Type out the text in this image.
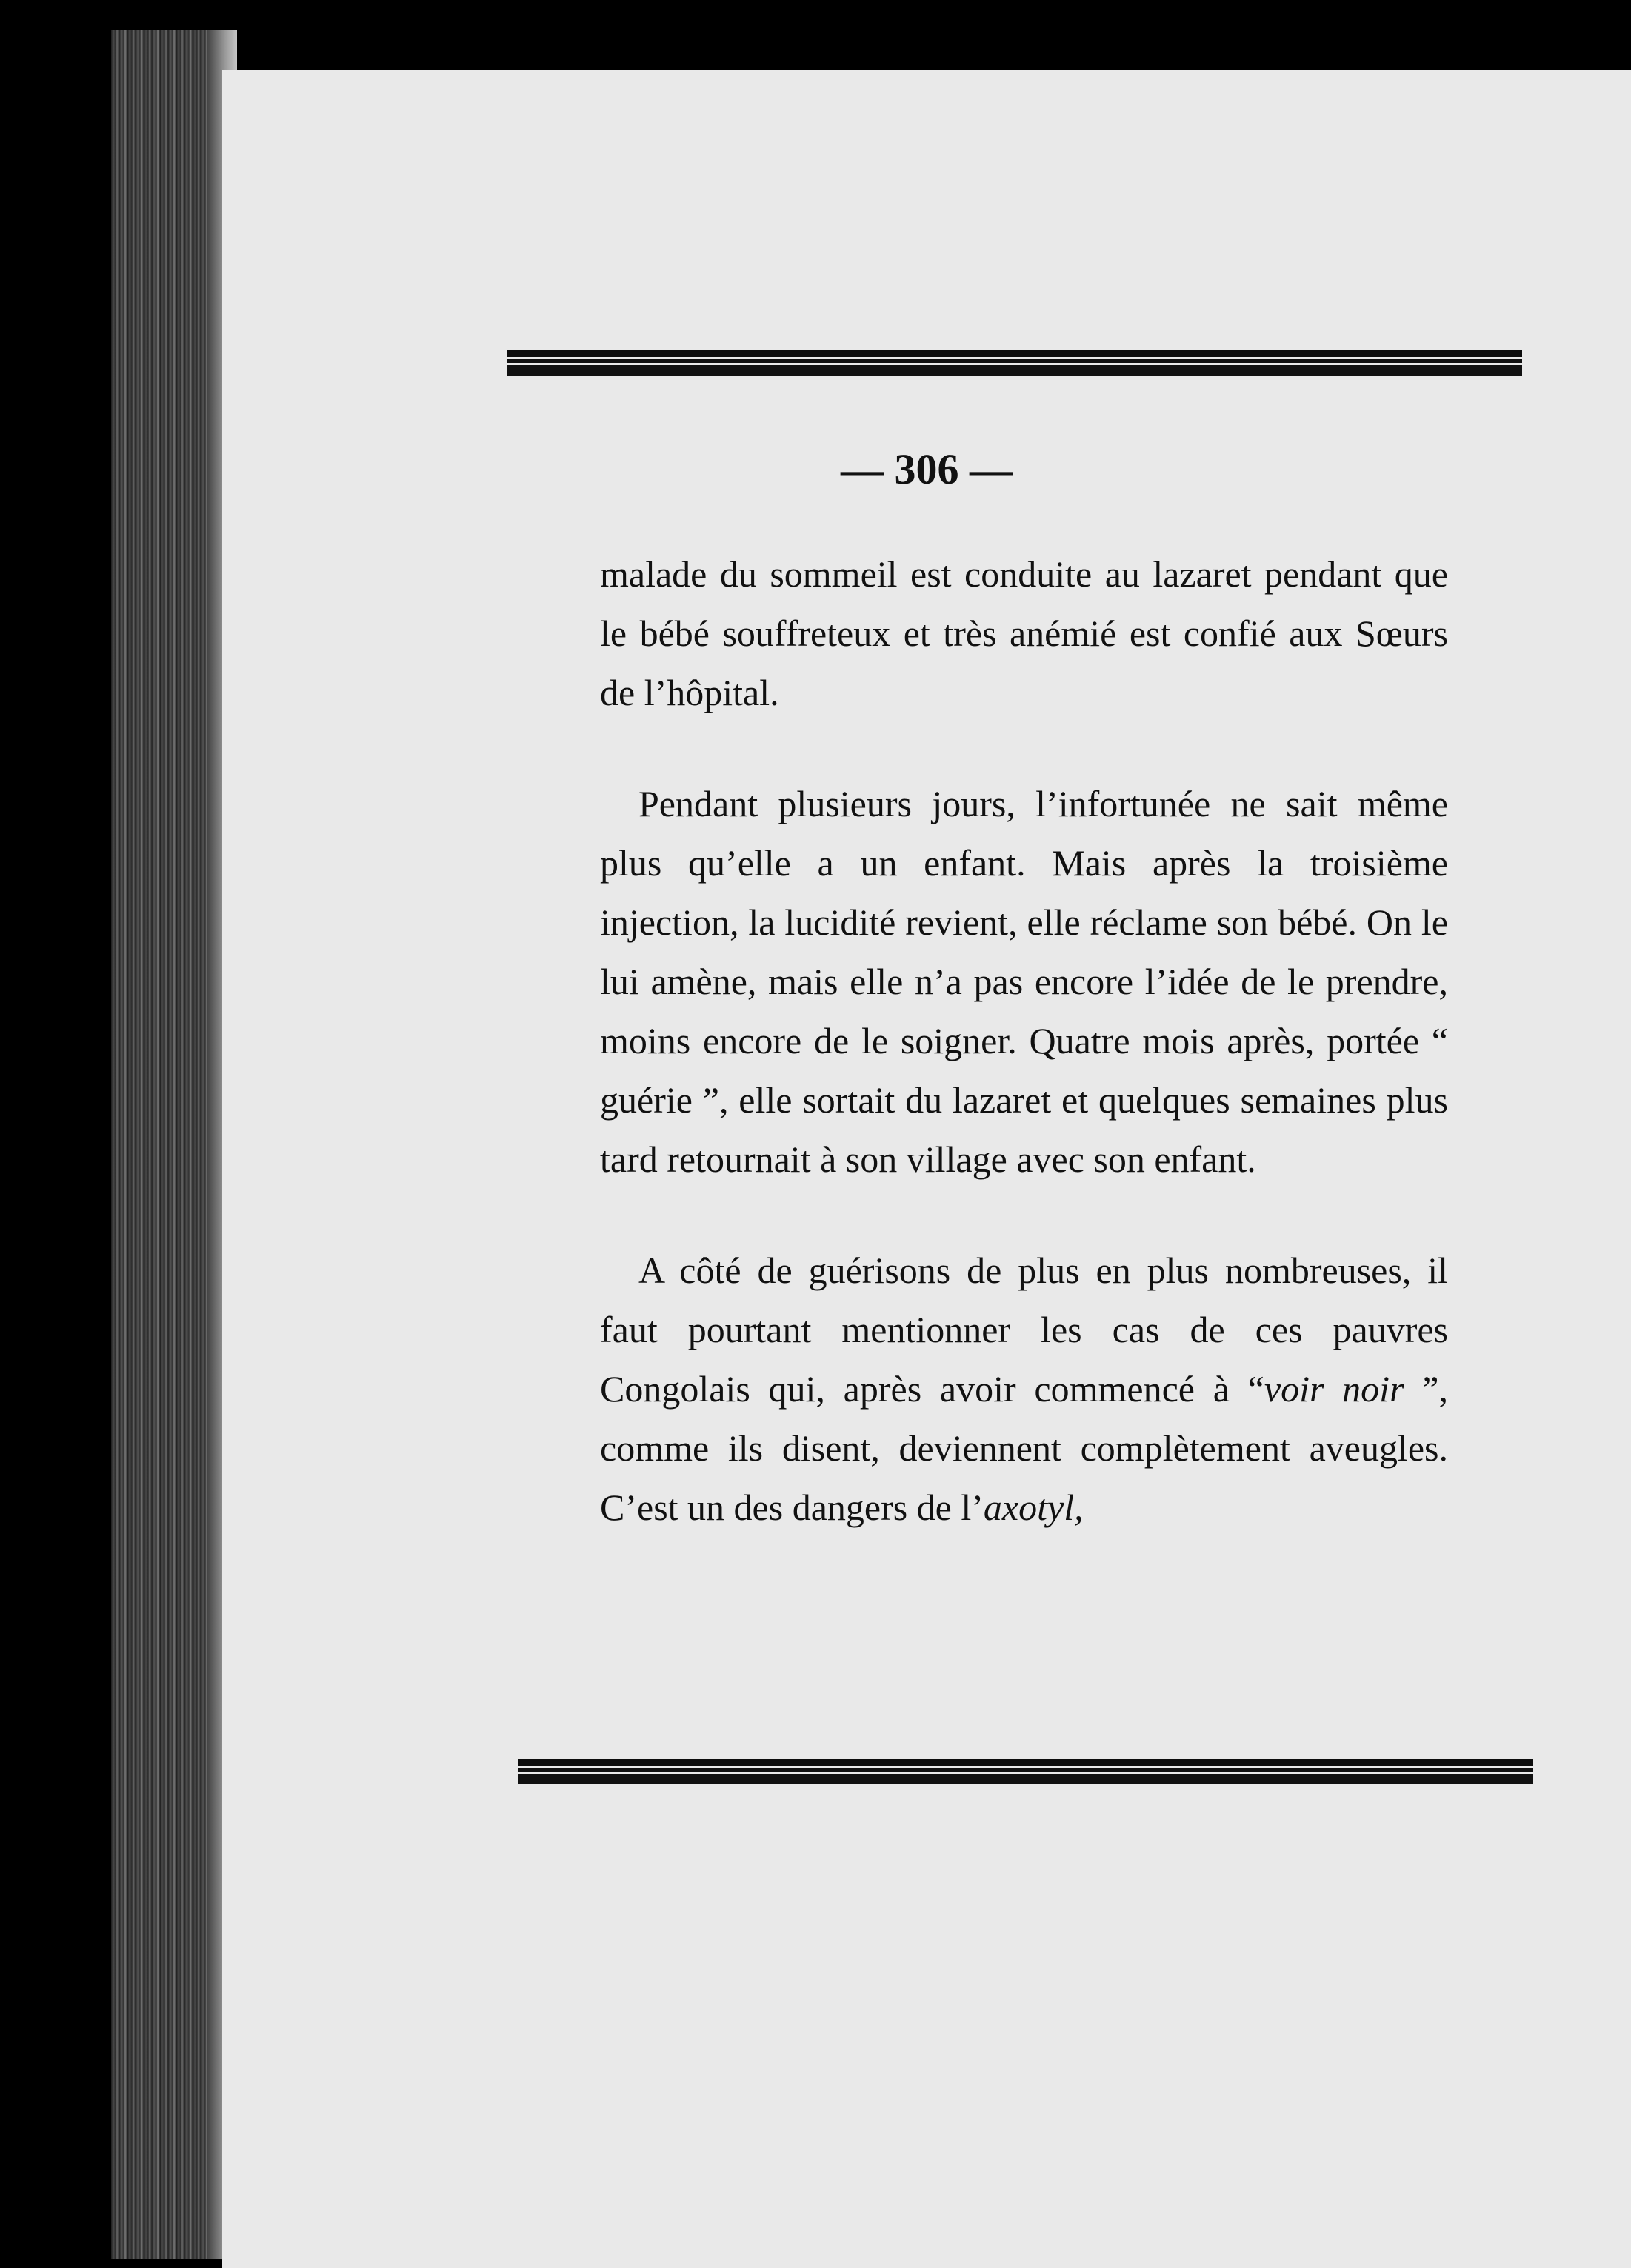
— 306 —

malade du sommeil est conduite au lazaret pendant que le bébé souffreteux et très anémié est confié aux Sœurs de l’hôpital.

Pendant plusieurs jours, l’infortunée ne sait même plus qu’elle a un enfant. Mais après la troisième injection, la lucidité revient, elle réclame son bébé. On le lui amène, mais elle n’a pas encore l’idée de le prendre, moins encore de le soigner. Quatre mois après, portée “ guérie ”, elle sortait du lazaret et quelques semaines plus tard retournait à son village avec son enfant.

A côté de guérisons de plus en plus nombreuses, il faut pourtant mentionner les cas de ces pauvres Congolais qui, après avoir commencé à “voir noir ”, comme ils disent, deviennent complètement aveugles. C’est un des dangers de l’axotyl,
